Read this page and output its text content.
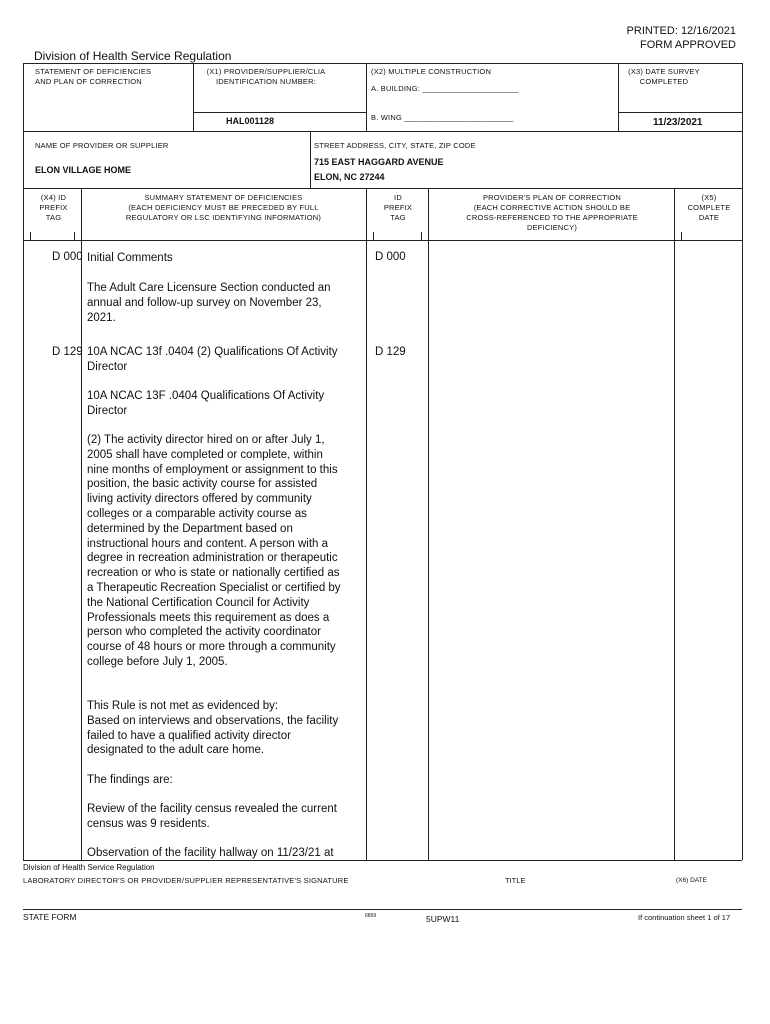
PRINTED: 12/16/2021
FORM APPROVED
Division of Health Service Regulation
STATEMENT OF DEFICIENCIES
AND PLAN OF CORRECTION
(X1) PROVIDER/SUPPLIER/CLIA
IDENTIFICATION NUMBER:
HAL001128
(X2) MULTIPLE CONSTRUCTION
A. BUILDING: ______________________
B. WING _________________________
(X3) DATE SURVEY
COMPLETED
11/23/2021
NAME OF PROVIDER OR SUPPLIER
ELON VILLAGE HOME
STREET ADDRESS, CITY, STATE, ZIP CODE
715 EAST HAGGARD AVENUE
ELON, NC 27244
(X4) ID
PREFIX
TAG
SUMMARY STATEMENT OF DEFICIENCIES
(EACH DEFICIENCY MUST BE PRECEDED BY FULL
REGULATORY OR LSC IDENTIFYING INFORMATION)
ID
PREFIX
TAG
PROVIDER'S PLAN OF CORRECTION
(EACH CORRECTIVE ACTION SHOULD BE
CROSS-REFERENCED TO THE APPROPRIATE
DEFICIENCY)
(X5)
COMPLETE
DATE
D 000	D 000
Initial Comments
The Adult Care Licensure Section conducted an
annual and follow-up survey on November 23,
2021.
D 129	D 129
10A NCAC 13f .0404 (2) Qualifications Of Activity
Director
10A NCAC 13F .0404 Qualifications Of Activity
Director
(2) The activity director hired on or after July 1,
2005 shall have completed or complete, within
nine months of employment or assignment to this
position, the basic activity course for assisted
living activity directors offered by community
colleges or a comparable activity course as
determined by the Department based on
instructional hours and content. A person with a
degree in recreation administration or therapeutic
recreation or who is state or nationally certified as
a Therapeutic Recreation Specialist or certified by
the National Certification Council for Activity
Professionals meets this requirement as does a
person who completed the activity coordinator
course of 48 hours or more through a community
college before July 1, 2005.
This Rule is not met as evidenced by:
Based on interviews and observations, the facility
failed to have a qualified activity director
designated to the adult care home.
The findings are:
Review of the facility census revealed the current
census was 9 residents.
Observation of the facility hallway on 11/23/21 at
Division of Health Service Regulation
LABORATORY DIRECTOR'S OR PROVIDER/SUPPLIER REPRESENTATIVE'S SIGNATURE	TITLE	(X6) DATE
STATE FORM	6899	5UPW11	If continuation sheet 1 of 17
